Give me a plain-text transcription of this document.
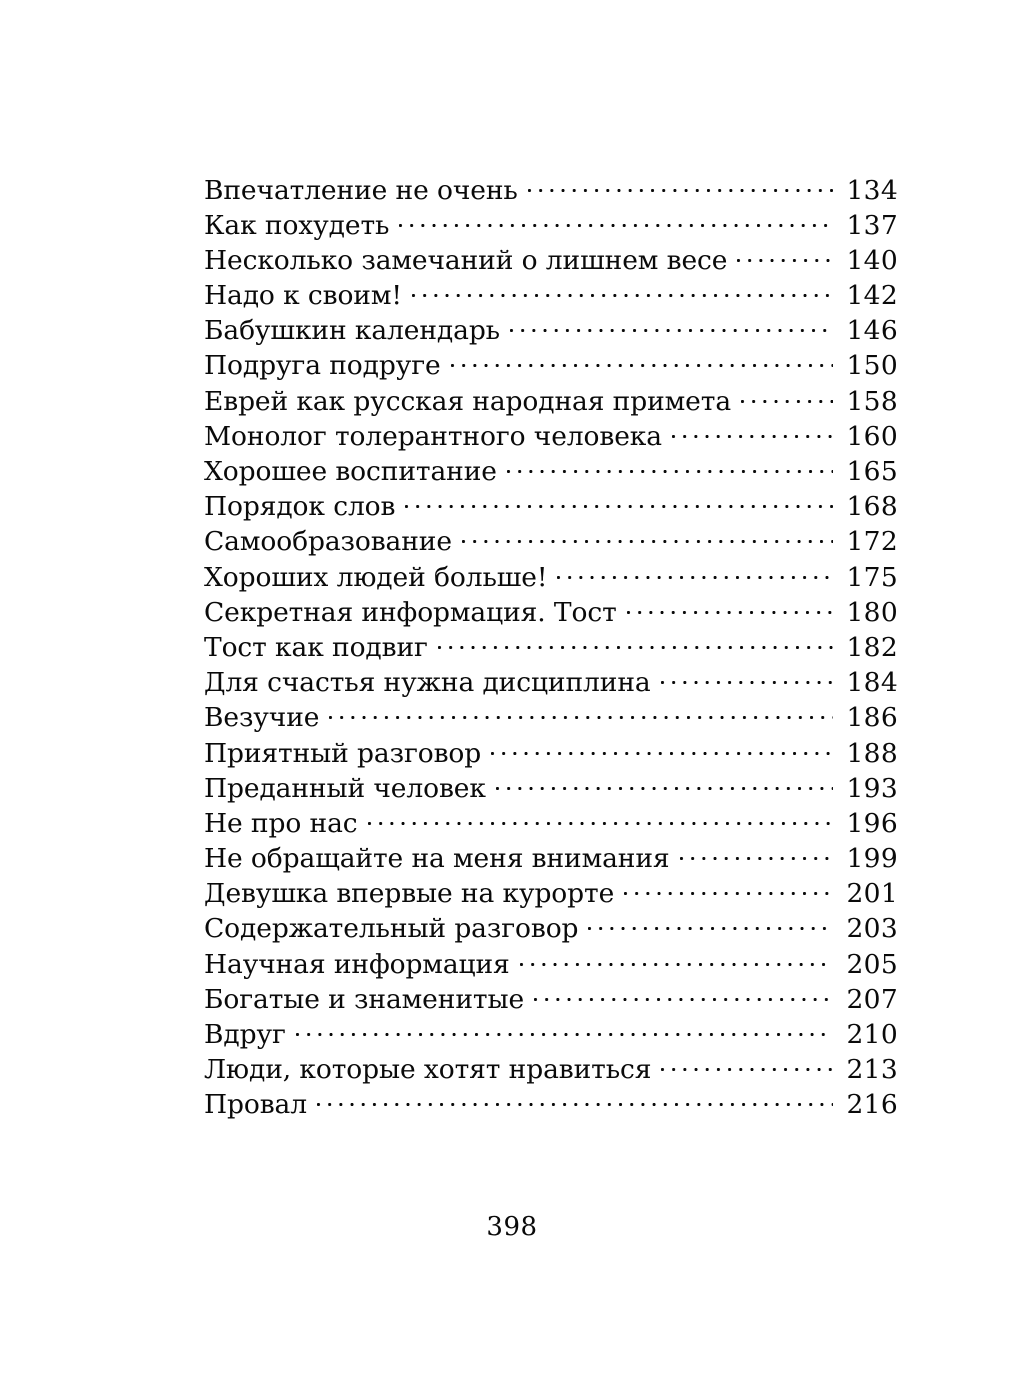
Впечатление не очень	134
Как похудеть	137
Несколько замечаний о лишнем весе	140
Надо к своим!	142
Бабушкин календарь	146
Подруга подруге	150
Еврей как русская народная примета	158
Монолог толерантного человека	160
Хорошее воспитание	165
Порядок слов	168
Самообразование	172
Хороших людей больше!	175
Секретная информация. Тост	180
Тост как подвиг	182
Для счастья нужна дисциплина	184
Везучие	186
Приятный разговор	188
Преданный человек	193
Не про нас	196
Не обращайте на меня внимания	199
Девушка впервые на курорте	201
Содержательный разговор	203
Научная информация	205
Богатые и знаменитые	207
Вдруг	210
Люди, которые хотят нравиться	213
Провал	216
398
